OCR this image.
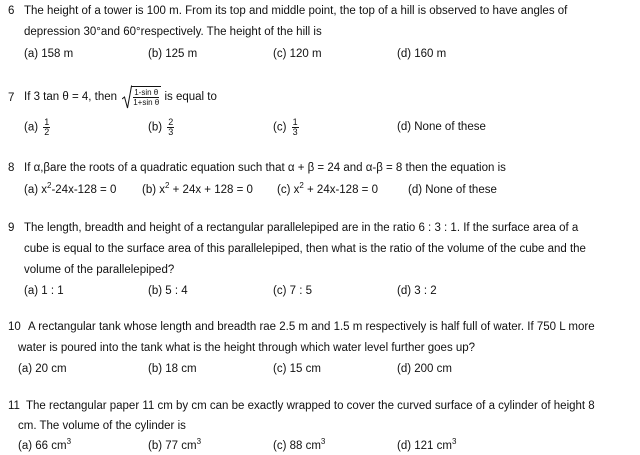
6 The height of a tower is 100 m. From its top and middle point, the top of a hill is observed to have angles of
depression 30°and 60°respectively. The height of the hill is
(a) 158 m	(b) 125 m	(c) 120 m	(d) 160 m
7 If 3 tan θ = 4, then $\frac{\text{1-sin θ}}{\text{1+sin θ}}$ is equal to
$(a) \frac{1}{2}$	$(b) \frac{2}{3}$	$(c) \frac{1}{3}$	(d) None of these
8 If α,βare the roots of a quadratic equation such that α + β = 24 and α-β = 8 then the equation is
(a) $x^2-24x-128 = 0$ (b) $x^2 + 24x + 128 = 0$ (c) $x^2 + 24x-128 = 0$	(d) None of these
9 The length, breadth and height of a rectangular parallelepiped are in the ratio 6 : 3 : 1. If the surface area of a
cube is equal to the surface area of this parallelepiped, then what is the ratio of the volume of the cube and the
volume of the parallelepiped?
(a) 1 : 1	(b) 5 : 4	(c) 7 : 5	(d) 3 : 2
10 A rectangular tank whose length and breadth rae 2.5 m and 1.5 m respectively is half full of water. If 750 L more
water is poured into the tank what is the height through which water level further goes up?
(a) 20 cm	(b) 18 cm	(c) 15 cm	(d) 200 cm
11 The rectangular paper 11 cm by cm can be exactly wrapped to cover the curved surface of a cylinder of height 8
cm. The volume of the cylinder is
(a) 66 $cm^3$	(b) 77 $cm^3$	(c) 88 $cm^3$	(d) 121 $cm^3$
